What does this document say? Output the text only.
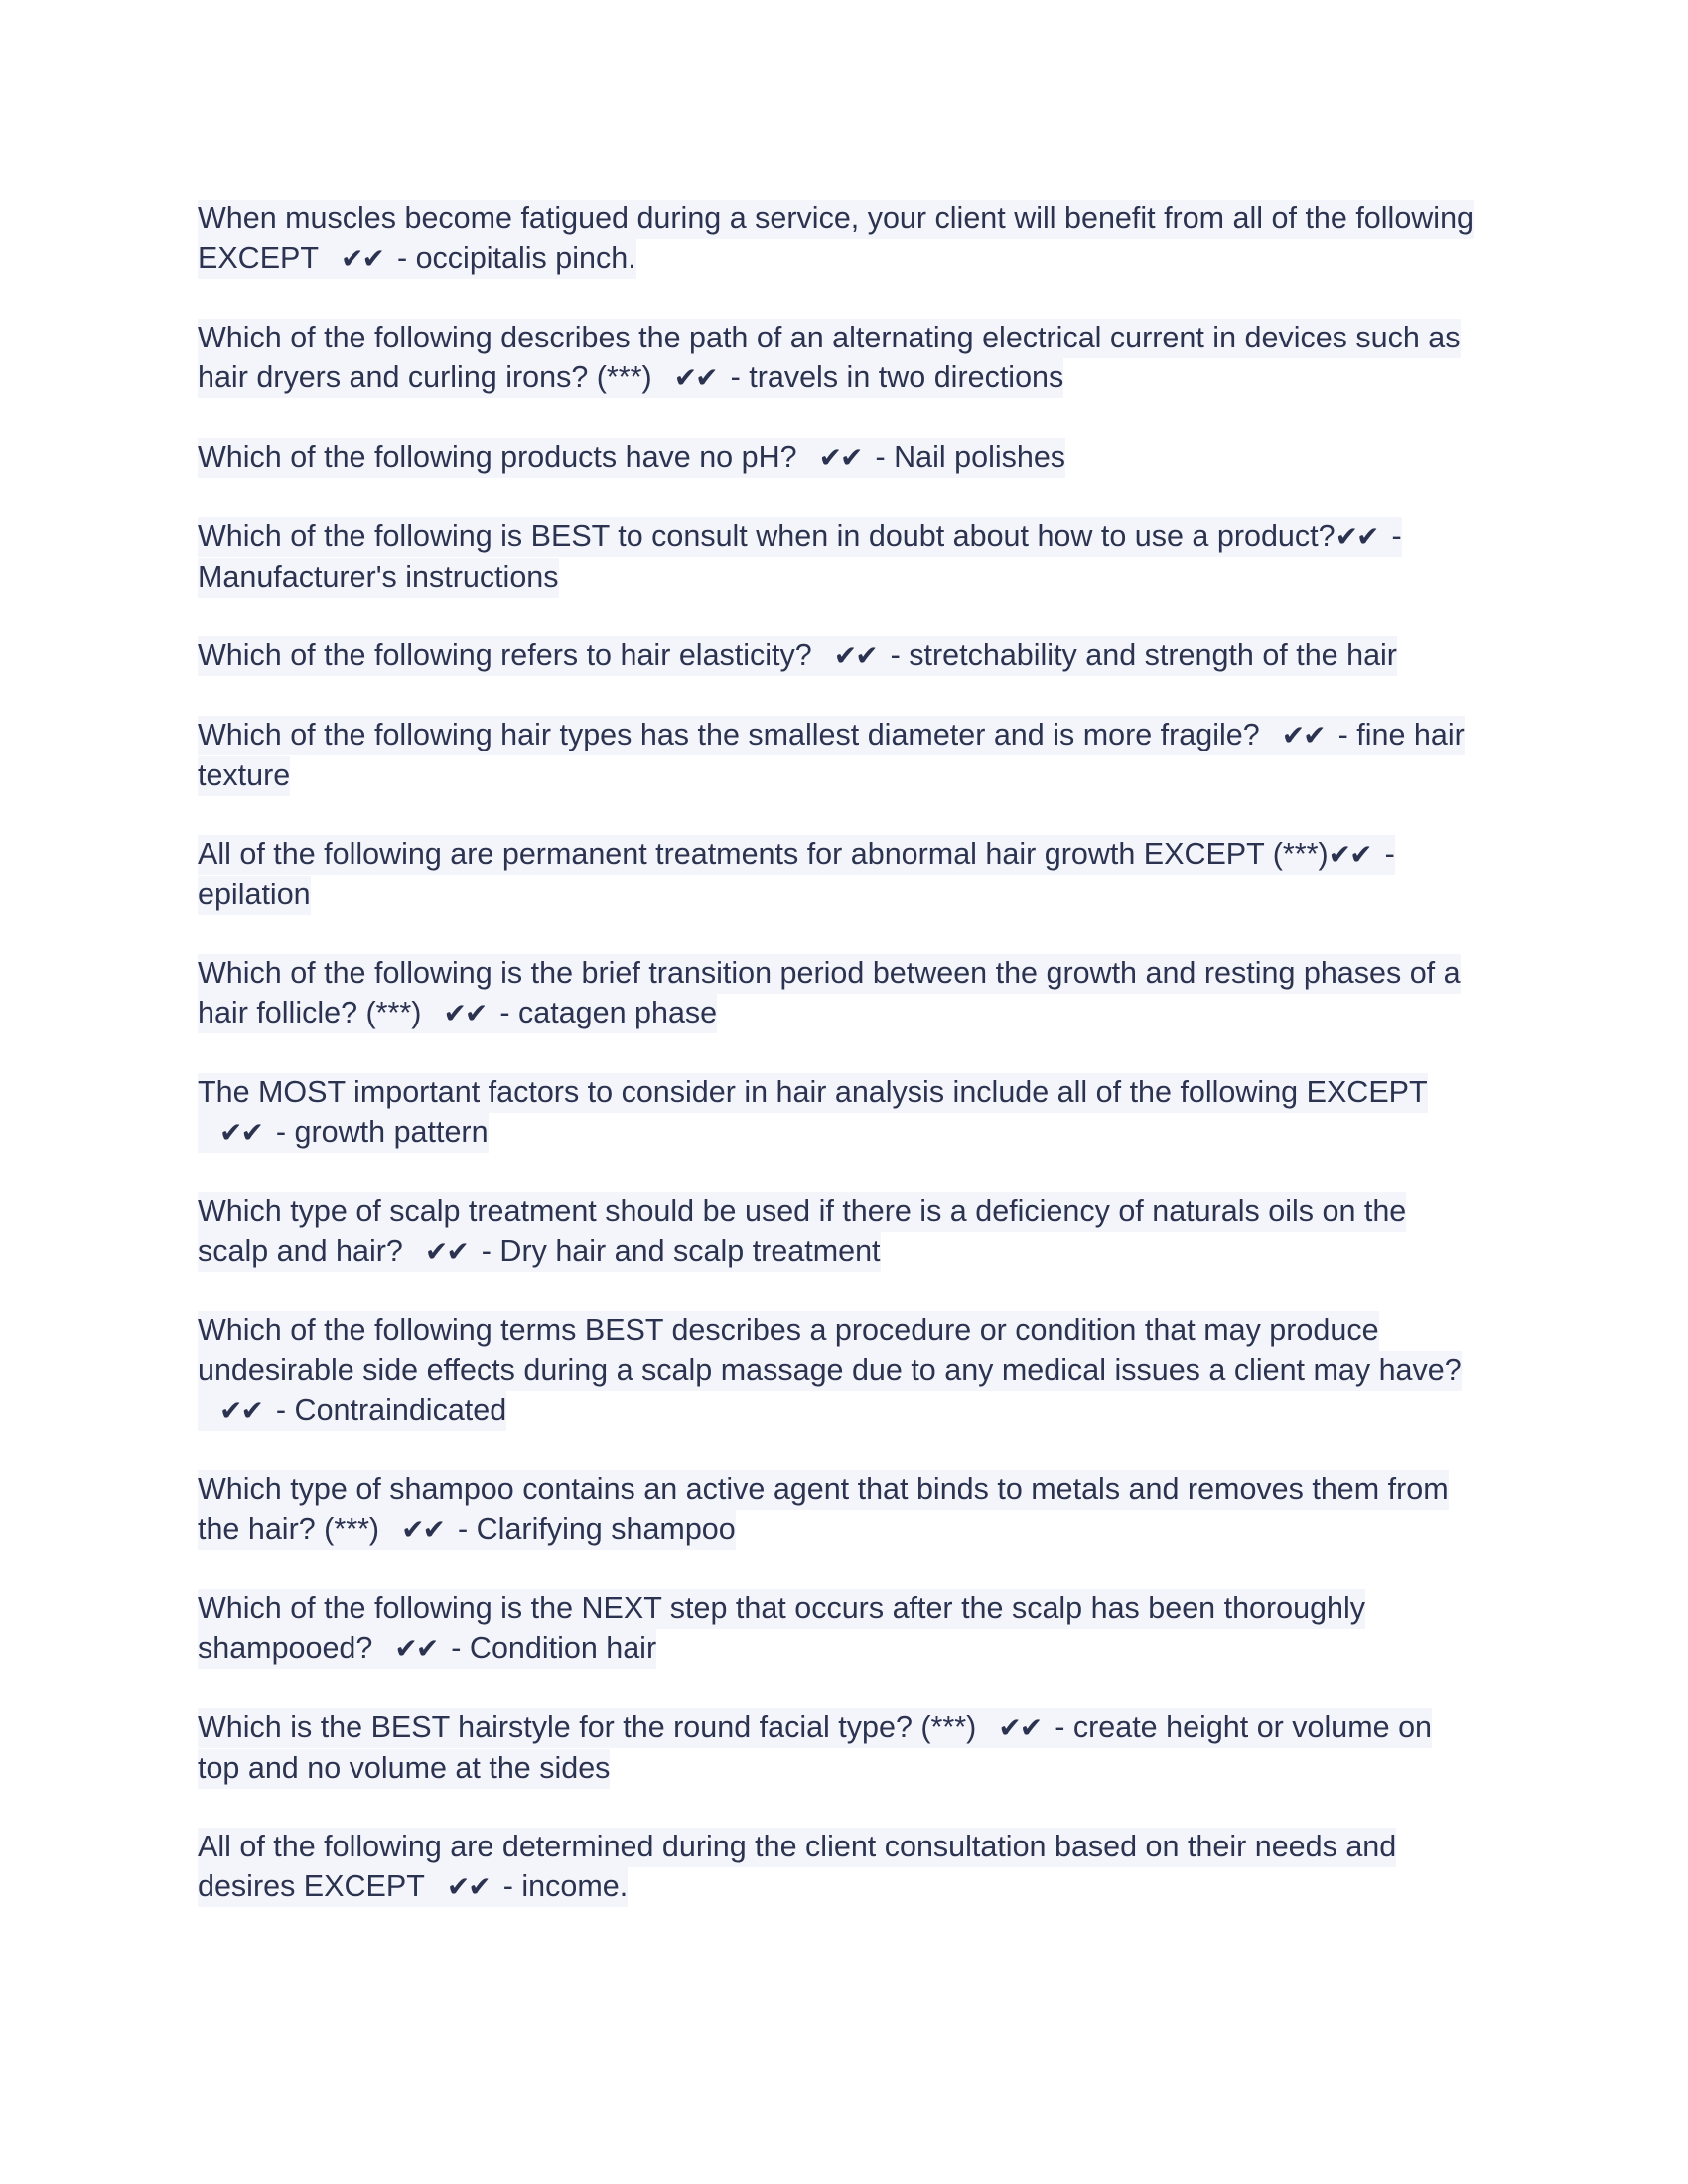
When muscles become fatigued during a service, your client will benefit from all of the following EXCEPT ✔✔ - occipitalis pinch.

Which of the following describes the path of an alternating electrical current in devices such as hair dryers and curling irons? (***) ✔✔ - travels in two directions

Which of the following products have no pH? ✔✔ - Nail polishes

Which of the following is BEST to consult when in doubt about how to use a product?✔✔ - Manufacturer's instructions

Which of the following refers to hair elasticity? ✔✔ - stretchability and strength of the hair

Which of the following hair types has the smallest diameter and is more fragile? ✔✔ - fine hair texture

All of the following are permanent treatments for abnormal hair growth EXCEPT (***)✔✔ - epilation

Which of the following is the brief transition period between the growth and resting phases of a hair follicle? (***) ✔✔ - catagen phase

The MOST important factors to consider in hair analysis include all of the following EXCEPT✔✔ - growth pattern

Which type of scalp treatment should be used if there is a deficiency of naturals oils on the scalp and hair? ✔✔ - Dry hair and scalp treatment

Which of the following terms BEST describes a procedure or condition that may produce undesirable side effects during a scalp massage due to any medical issues a client may have?✔✔ - Contraindicated

Which type of shampoo contains an active agent that binds to metals and removes them from the hair? (***) ✔✔ - Clarifying shampoo

Which of the following is the NEXT step that occurs after the scalp has been thoroughly shampooed? ✔✔ - Condition hair

Which is the BEST hairstyle for the round facial type? (***) ✔✔ - create height or volume on top and no volume at the sides

All of the following are determined during the client consultation based on their needs and desires EXCEPT ✔✔ - income.
